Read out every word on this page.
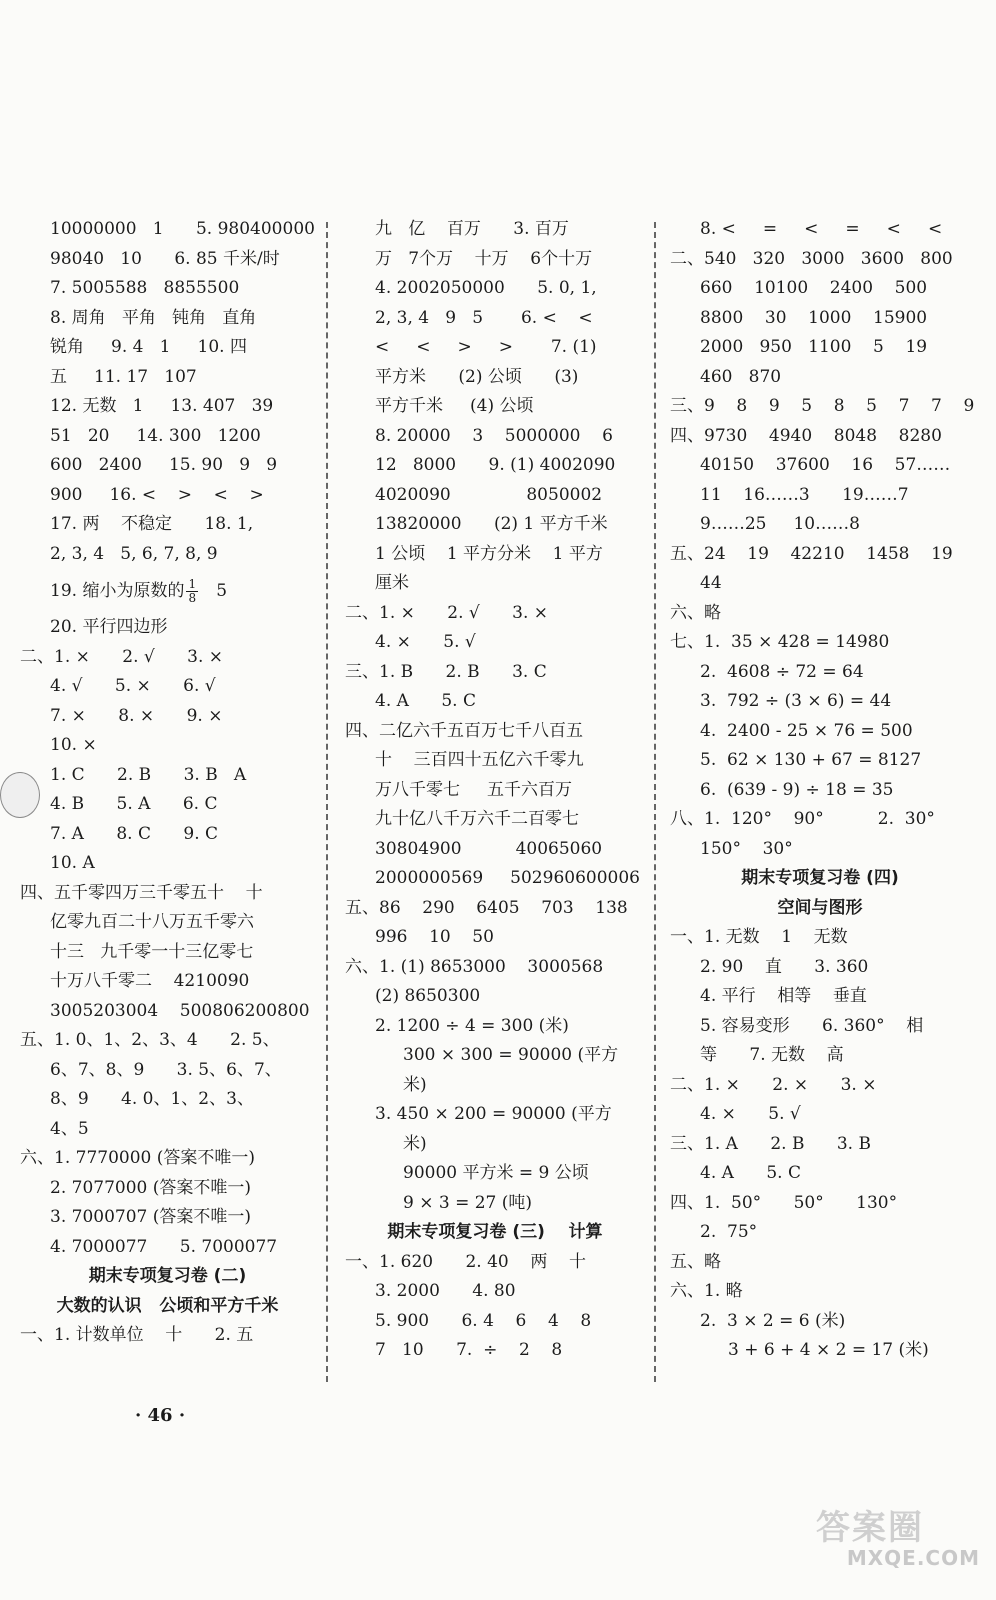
10000000   1      5. 980400000
98040   10      6. 85 千米/时
7. 5005588   8855500
8. 周角   平角   钝角   直角
锐角     9. 4   1     10. 四
五     11. 17   107
12. 无数   1     13. 407   39
51   20     14. 300   1200
600   2400     15. 90   9   9
900     16. <    >    <    >
17. 两    不稳定      18. 1,
2, 3, 4   5, 6, 7, 8, 9
19. 缩小为原数的 $\frac{1}{8} 5$
20. 平行四边形
二、1. ×      2. √      3. ×
4. √      5. ×      6. √
7. ×      8. ×      9. ×
10. ×
1. C      2. B      3. B   A
4. B      5. A      6. C
7. A      8. C      9. C
10. A
四、五千零四万三千零五十    十
亿零九百二十八万五千零六
十三   九千零一十三亿零七
十万八千零二    4210090
3005203004    500806200800
五、1. 0、1、2、3、4      2. 5、
6、7、8、9      3. 5、6、7、
8、9      4. 0、1、2、3、
4、5
六、1. 7770000 (答案不唯一)
2. 7077000 (答案不唯一)
3. 7000707 (答案不唯一)
4. 7000077      5. 7000077
期末专项复习卷 (二)
大数的认识   公顷和平方千米
一、1. 计数单位    十      2. 五
九   亿    百万      3. 百万
万   7个万    十万    6个十万
4. 2002050000      5. 0, 1,
2, 3, 4   9   5       6. <    <
<     <     >     >       7. (1)
平方米      (2) 公顷      (3)
平方千米     (4) 公顷
8. 20000    3    5000000    6
12   8000      9. (1) 4002090
4020090              8050002
13820000      (2) 1 平方千米
1 公顷    1 平方分米    1 平方
厘米
二、1. ×      2. √      3. ×
4. ×      5. √
三、1. B      2. B      3. C
4. A      5. C
四、二亿六千五百万七千八百五
十    三百四十五亿六千零九
万八千零七     五千六百万
九十亿八千万六千二百零七
30804900          40065060
2000000569     502960600006
五、86    290    6405    703    138
996    10    50
六、1. (1) 8653000    3000568
(2) 8650300
2. 1200 ÷ 4 = 300 (米)
300 × 300 = 90000 (平方
米)
3. 450 × 200 = 90000 (平方
米)
90000 平方米 = 9 公顷
9 × 3 = 27 (吨)
期末专项复习卷 (三)    计算
一、1. 620      2. 40    两    十
3. 2000      4. 80
5. 900      6. 4    6    4    8
7   10      7.  ÷    2    8
8. <     =     <     =     <     <
二、540   320   3000   3600   800
660    10100    2400    500
8800    30    1000    15900
2000   950   1100    5    19
460   870
三、9    8    9    5    8    5    7    7    9
四、9730    4940    8048    8280
40150    37600    16    57……
11    16……3      19……7
9……25     10……8
五、24    19    42210    1458    19
44
六、略
七、1.  35 × 428 = 14980
2.  4608 ÷ 72 = 64
3.  792 ÷ (3 × 6) = 44
4.  2400 - 25 × 76 = 500
5.  62 × 130 + 67 = 8127
6.  (639 - 9) ÷ 18 = 35
八、1.  120°    90°          2.  30°
150°    30°
期末专项复习卷 (四)
空间与图形
一、1. 无数    1    无数
2. 90    直      3. 360
4. 平行    相等    垂直
5. 容易变形      6. 360°    相
等      7. 无数    高
二、1. ×      2. ×      3. ×
4. ×      5. √
三、1. A      2. B      3. B
4. A      5. C
四、1.  50°      50°      130°
2.  75°
五、略
六、1. 略
2.  3 × 2 = 6 (米)
3 + 6 + 4 × 2 = 17 (米)
· 46 ·
答案圈
MXQE.COM
